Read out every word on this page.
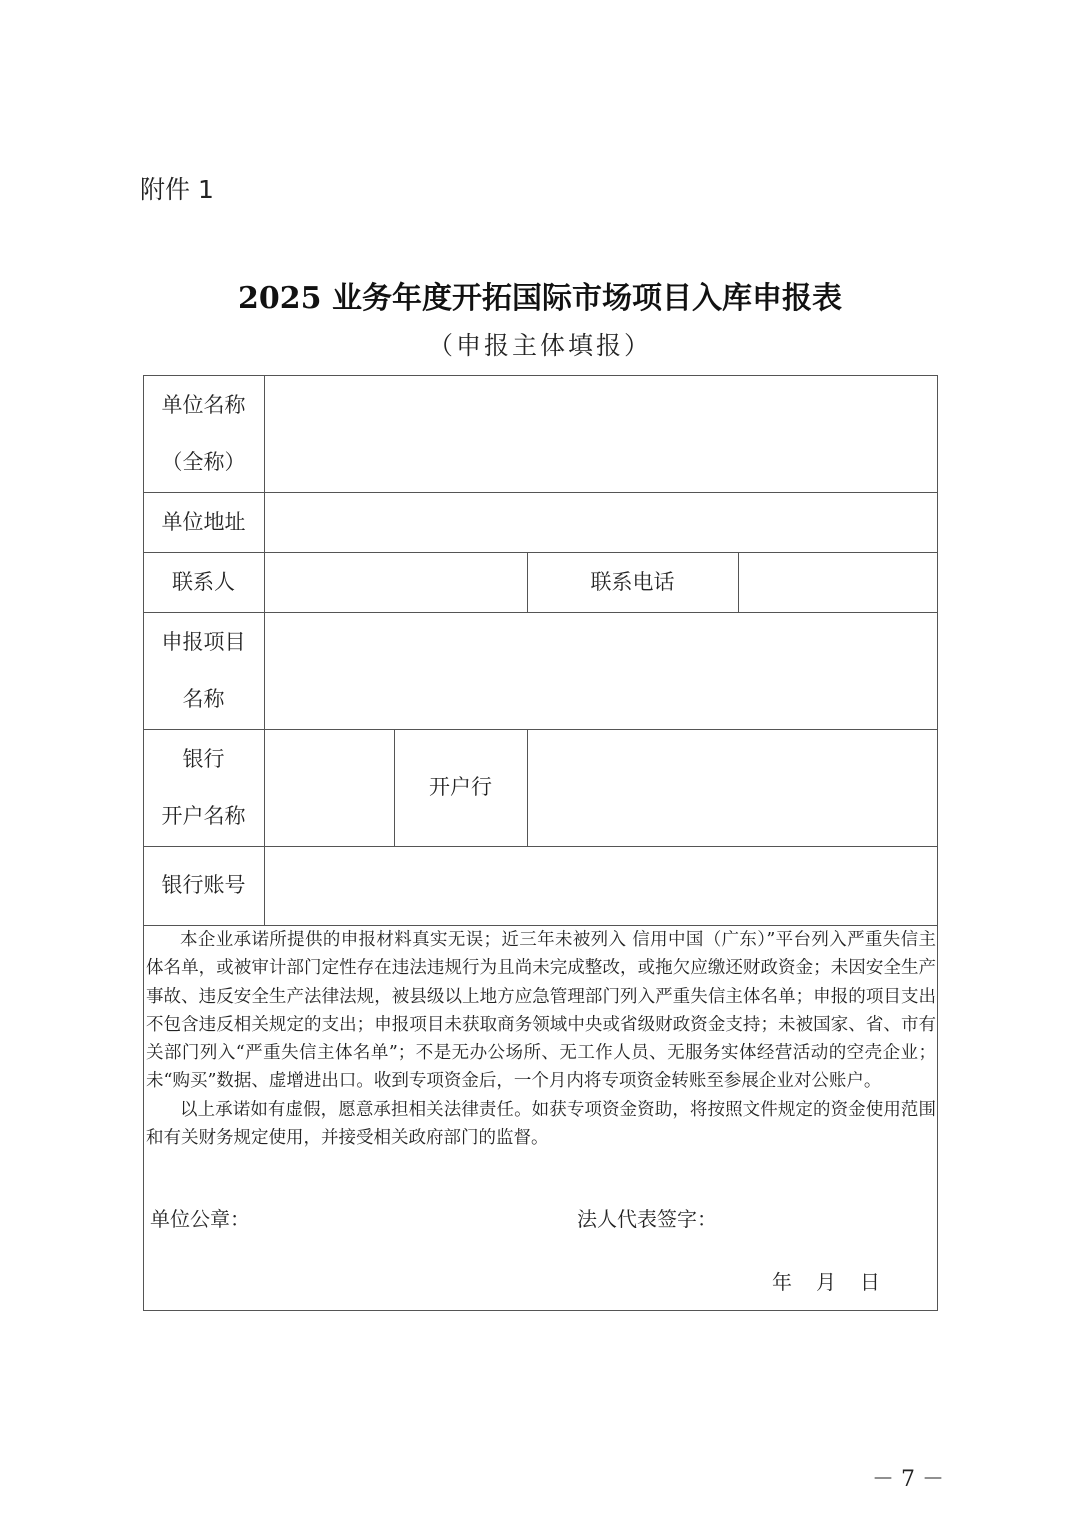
附件 1
2025 业务年度开拓国际市场项目入库申报表
（申报主体填报）
单位名称
（全称）
单位地址
联系人	联系电话
申报项目
名称
银行
开户名称
开户行
银行账号

本企业承诺所提供的申报材料真实无误；近三年未被列入 信用中国（广东）”平台列入严重失信主体名单，或被审计部门定性存在违法违规行为且尚未完成整改，或拖欠应缴还财政资金；未因安全生产事故、违反安全生产法律法规，被县级以上地方应急管理部门列入严重失信主体名单；申报的项目支出不包含违反相关规定的支出；申报项目未获取商务领域中央或省级财政资金支持；未被国家、省、市有关部门列入“严重失信主体名单”；不是无办公场所、无工作人员、无服务实体经营活动的空壳企业；未“购买”数据、虚增进出口。收到专项资金后，一个月内将专项资金转账至参展企业对公账户。

以上承诺如有虚假，愿意承担相关法律责任。如获专项资金资助，将按照文件规定的资金使用范围和有关财务规定使用，并接受相关政府部门的监督。

单位公章：	法人代表签字：
年 月 日
－ 7 －
